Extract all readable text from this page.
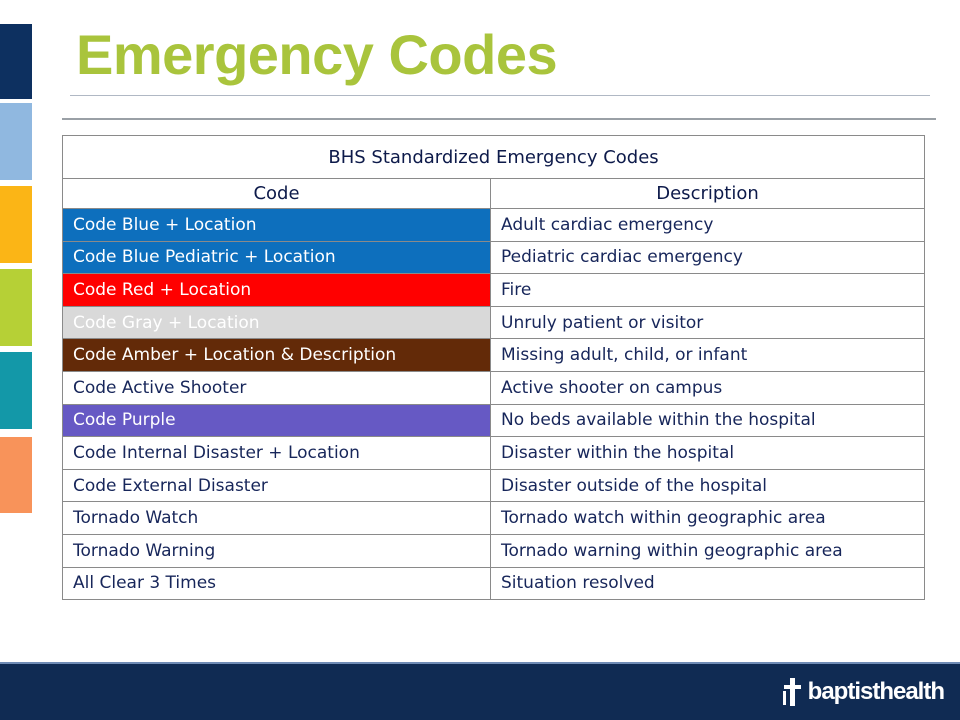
Emergency Codes
BHS Standardized Emergency Codes	
Code	Description
Code Blue + Location	Adult cardiac emergency
Code Blue Pediatric + Location	Pediatric cardiac emergency
Code Red + Location	Fire
Code Gray + Location	Unruly patient or visitor
Code Amber + Location & Description	Missing adult, child, or infant
Code Active Shooter	Active shooter on campus
Code Purple	No beds available within the hospital
Code Internal Disaster + Location	Disaster within the hospital
Code External Disaster	Disaster outside of the hospital
Tornado Watch	Tornado watch within geographic area
Tornado Warning	Tornado warning within geographic area
All Clear 3 Times	Situation resolved
baptisthealth
